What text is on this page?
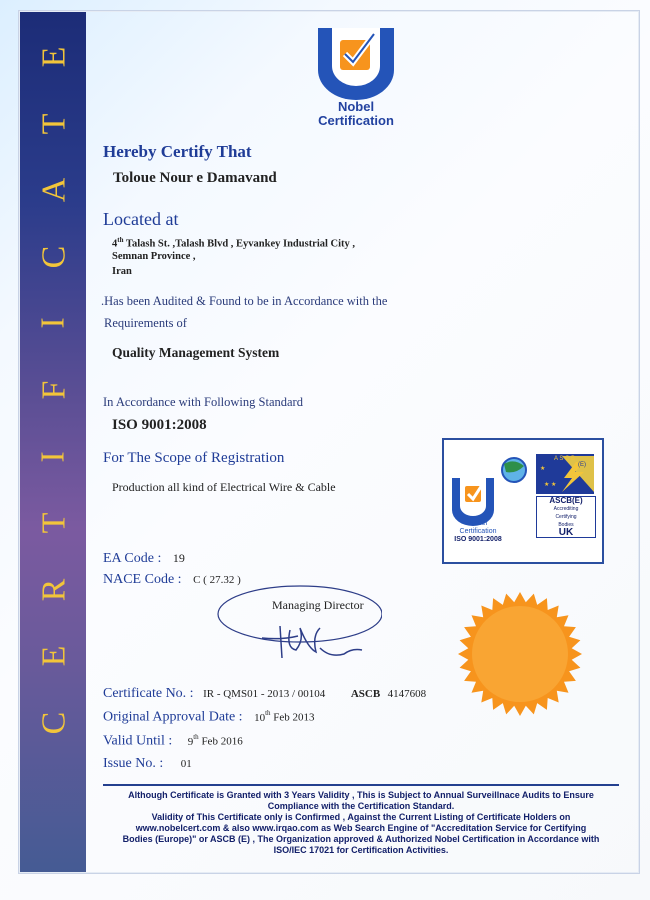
E
T
A
C
I
F
I
T
R
E
C
Nobel
Certification
Hereby Certify That
Toloue Nour e Damavand
Located at
4th Talash St. ,Talash Blvd , Eyvankey Industrial City ,
Semnan Province ,
Iran
.Has been Audited & Found to be in Accordance with the
Requirements of
Quality Management System
In Accordance with Following Standard
ISO 9001:2008
For The Scope of Registration
Production all kind of Electrical Wire & Cable	★ ★
★
Nobel
Certification
ISO 9001:2008
A S C B
(E)
ASCB(E)
Accrediting
Certifying
Bodies
UK
EA Code : 19
NACE Code : C ( 27.32 )
Managing Director
Certificate No. : IR - QMS01 - 2013 / 00104 ASCB 4147608
Original Approval Date : 10th Feb 2013
Valid Until : 9th Feb 2016
Issue No. : 01
Although Certificate is Granted with 3 Years Validity , This is Subject to Annual Surveillnace Audits to Ensure
Compliance with the Certification Standard.
Validity of This Certificate only is Confirmed , Against the Current Listing of Certificate Holders on
www.nobelcert.com & also www.irqao.com as Web Search Engine of "Accreditation Service for Certifying
Bodies (Europe)" or ASCB (E) , The Organization approved & Authorized Nobel Certification in Accordance with
ISO/IEC 17021 for Certification Activities.
